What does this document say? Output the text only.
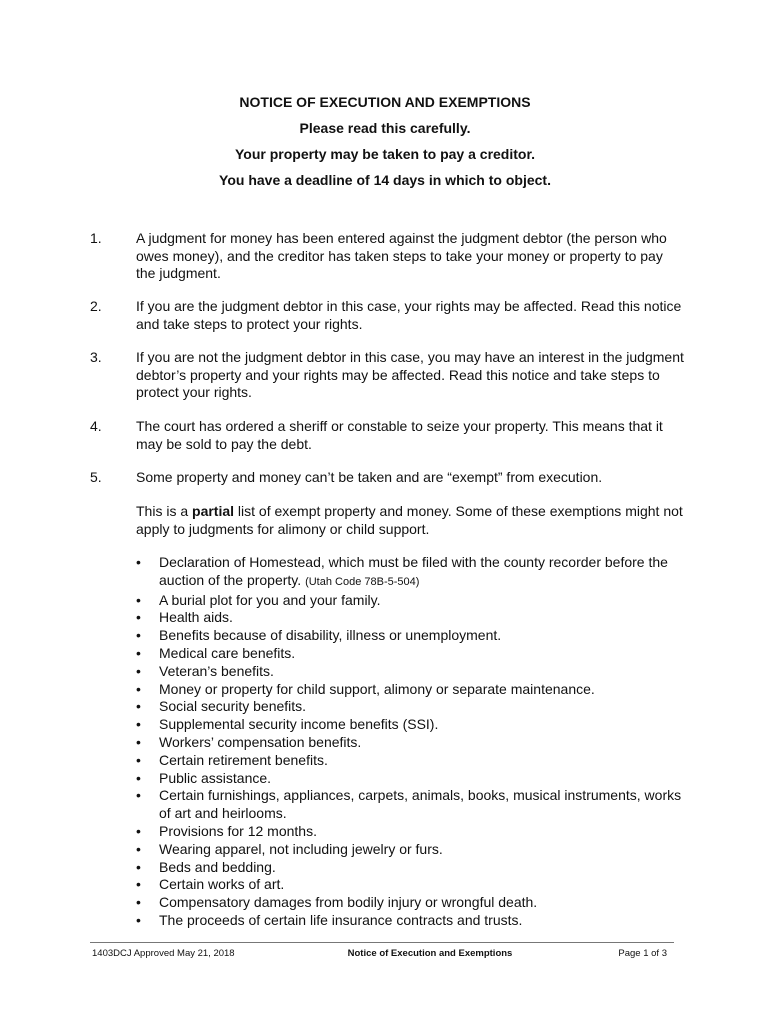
NOTICE OF EXECUTION AND EXEMPTIONS
Please read this carefully.
Your property may be taken to pay a creditor.
You have a deadline of 14 days in which to object.
1.	A judgment for money has been entered against the judgment debtor (the person who owes money), and the creditor has taken steps to take your money or property to pay the judgment.
2.	If you are the judgment debtor in this case, your rights may be affected. Read this notice and take steps to protect your rights.
3.	If you are not the judgment debtor in this case, you may have an interest in the judgment debtor’s property and your rights may be affected. Read this notice and take steps to protect your rights.
4.	The court has ordered a sheriff or constable to seize your property. This means that it may be sold to pay the debt.
5.	Some property and money can’t be taken and are “exempt” from execution.
This is a partial list of exempt property and money. Some of these exemptions might not apply to judgments for alimony or child support.
•	Declaration of Homestead, which must be filed with the county recorder before the auction of the property. (Utah Code 78B-5-504)
•	A burial plot for you and your family.
•	Health aids.
•	Benefits because of disability, illness or unemployment.
•	Medical care benefits.
•	Veteran’s benefits.
•	Money or property for child support, alimony or separate maintenance.
•	Social security benefits.
•	Supplemental security income benefits (SSI).
•	Workers’ compensation benefits.
•	Certain retirement benefits.
•	Public assistance.
•	Certain furnishings, appliances, carpets, animals, books, musical instruments, works of art and heirlooms.
•	Provisions for 12 months.
•	Wearing apparel, not including jewelry or furs.
•	Beds and bedding.
•	Certain works of art.
•	Compensatory damages from bodily injury or wrongful death.
•	The proceeds of certain life insurance contracts and trusts.
1403DCJ Approved May 21, 2018	Notice of Execution and Exemptions	Page 1 of 3
